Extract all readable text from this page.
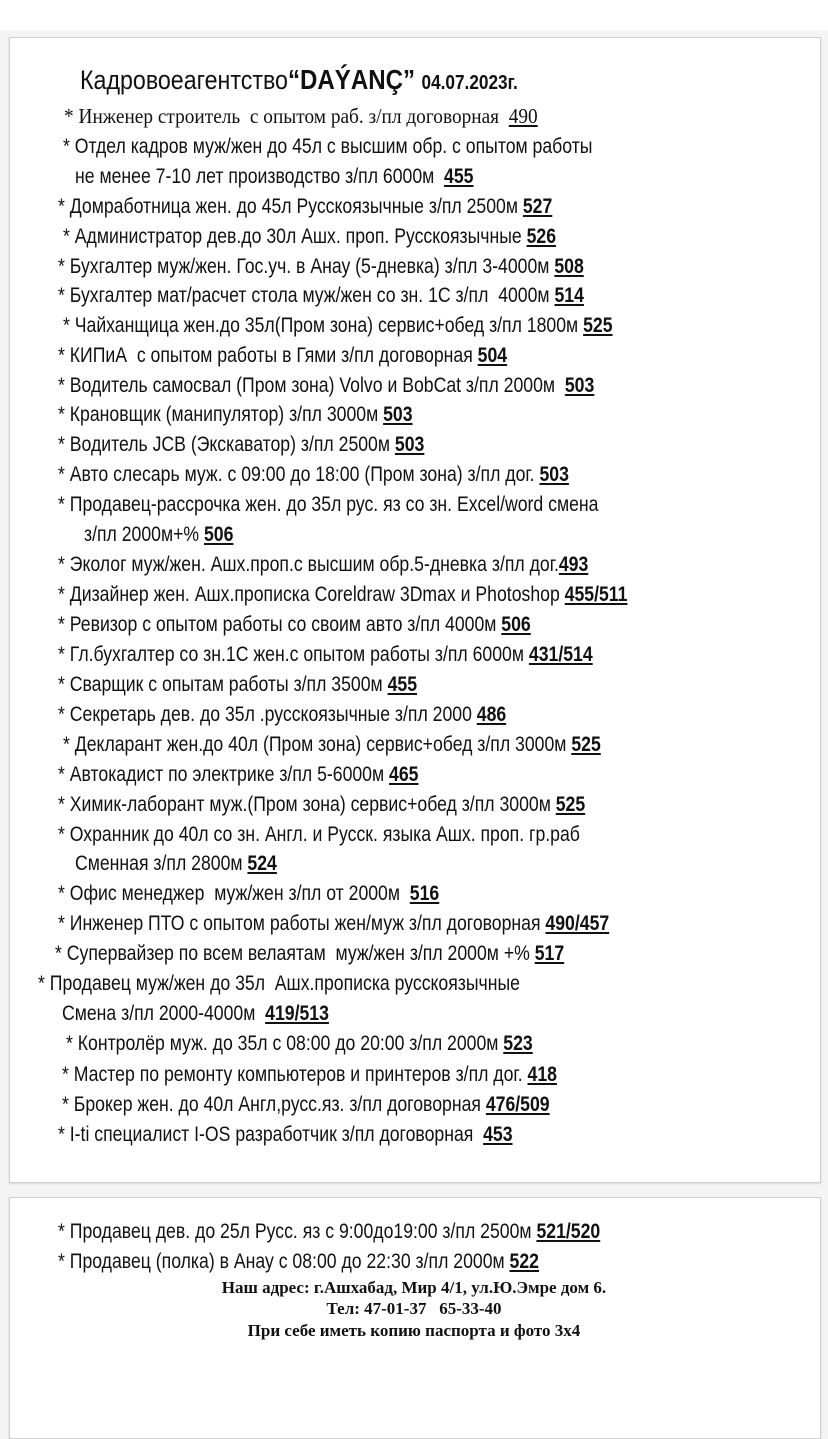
Кадровоеагентство“DAÝANÇ” 04.07.2023г.
* Инженер строитель  с опытом раб. з/пл договорная  490
* Отдел кадров муж/жен до 45л с высшим обр. с опытом работы
не менее 7-10 лет производство з/пл 6000м  455
* Домработница жен. до 45л Русскоязычные з/пл 2500м 527
* Администратор дев.до 30л Ашх. проп. Русскоязычные 526
* Бухгалтер муж/жен. Гос.уч. в Анау (5-дневка) з/пл 3-4000м 508
* Бухгалтер мат/расчет стола муж/жен со зн. 1С з/пл  4000м 514
* Чайханщица жен.до 35л(Пром зона) сервис+обед з/пл 1800м 525
* КИПиА  с опытом работы в Гями з/пл договорная 504
* Водитель самосвал (Пром зона) Volvo и BobCat з/пл 2000м  503
* Крановщик (манипулятор) з/пл 3000м 503
* Водитель JCB (Экскаватор) з/пл 2500м 503
* Авто слесарь муж. с 09:00 до 18:00 (Пром зона) з/пл дог. 503
* Продавец-рассрочка жен. до 35л рус. яз со зн. Excel/word смена
з/пл 2000м+% 506
* Эколог муж/жен. Ашх.проп.с высшим обр.5-дневка з/пл дог.493
* Дизайнер жен. Ашх.прописка Coreldraw 3Dmax и Photoshop 455/511
* Ревизор с опытом работы со своим авто з/пл 4000м 506
* Гл.бухгалтер со зн.1С жен.с опытом работы з/пл 6000м 431/514
* Сварщик с опытам работы з/пл 3500м 455
* Секретарь дев. до 35л .русскоязычные з/пл 2000 486
* Декларант жен.до 40л (Пром зона) сервис+обед з/пл 3000м 525
* Автокадист по электрике з/пл 5-6000м 465
* Химик-лаборант муж.(Пром зона) сервис+обед з/пл 3000м 525
* Охранник до 40л со зн. Англ. и Русск. языка Ашх. проп. гр.раб
Сменная з/пл 2800м 524
* Офис менеджер  муж/жен з/пл от 2000м  516
* Инженер ПТО с опытом работы жен/муж з/пл договорная 490/457
* Супервайзер по всем велаятам  муж/жен з/пл 2000м +% 517
* Продавец муж/жен до 35л  Ашх.прописка русскоязычные
Смена з/пл 2000-4000м  419/513
* Контролёр муж. до 35л с 08:00 до 20:00 з/пл 2000м 523
* Мастер по ремонту компьютеров и принтеров з/пл дог. 418
* Брокер жен. до 40л Англ,русс.яз. з/пл договорная 476/509
* I-ti специалист I-OS разработчик з/пл договорная  453
* Продавец дев. до 25л Русс. яз с 9:00до19:00 з/пл 2500м 521/520
* Продавец (полка) в Анау с 08:00 до 22:30 з/пл 2000м 522
Наш адрес: г.Ашхабад, Мир 4/1, ул.Ю.Эмре дом 6.
Тел: 47-01-37   65-33-40
При себе иметь копию паспорта и фото 3х4
